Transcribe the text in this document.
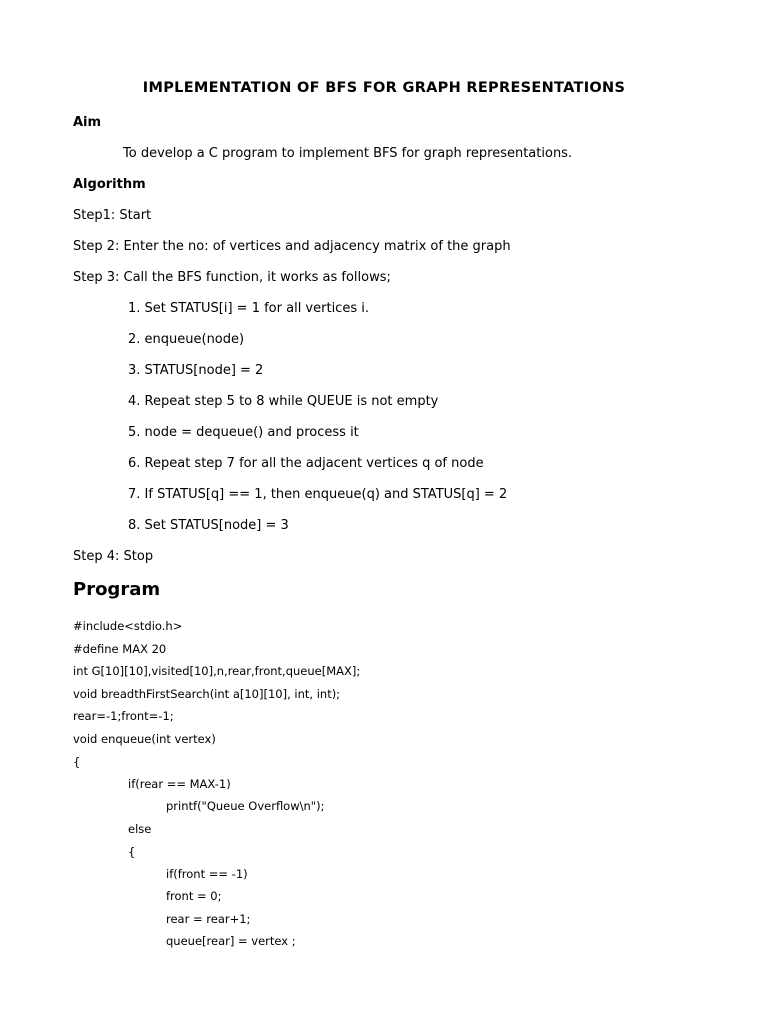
IMPLEMENTATION OF BFS FOR GRAPH REPRESENTATIONS
Aim
To develop a C program to implement BFS for graph representations.
Algorithm
Step1: Start
Step 2: Enter the no: of vertices and adjacency matrix of the graph
Step 3: Call the BFS function, it works as follows;
1. Set STATUS[i] = 1 for all vertices i.
2. enqueue(node)
3. STATUS[node] = 2
4. Repeat step 5 to 8 while QUEUE is not empty
5. node = dequeue() and process it
6. Repeat step 7 for all the adjacent vertices q of node
7. If STATUS[q] == 1, then enqueue(q) and STATUS[q] = 2
8. Set STATUS[node] = 3
Step 4: Stop
Program
#include<stdio.h>
#define MAX 20
int G[10][10],visited[10],n,rear,front,queue[MAX];
void breadthFirstSearch(int a[10][10], int, int);
rear=-1;front=-1;
void enqueue(int vertex)
{
if(rear == MAX-1)
printf("Queue Overflow\n");
else
{
if(front == -1)
front = 0;
rear = rear+1;
queue[rear] = vertex ;
